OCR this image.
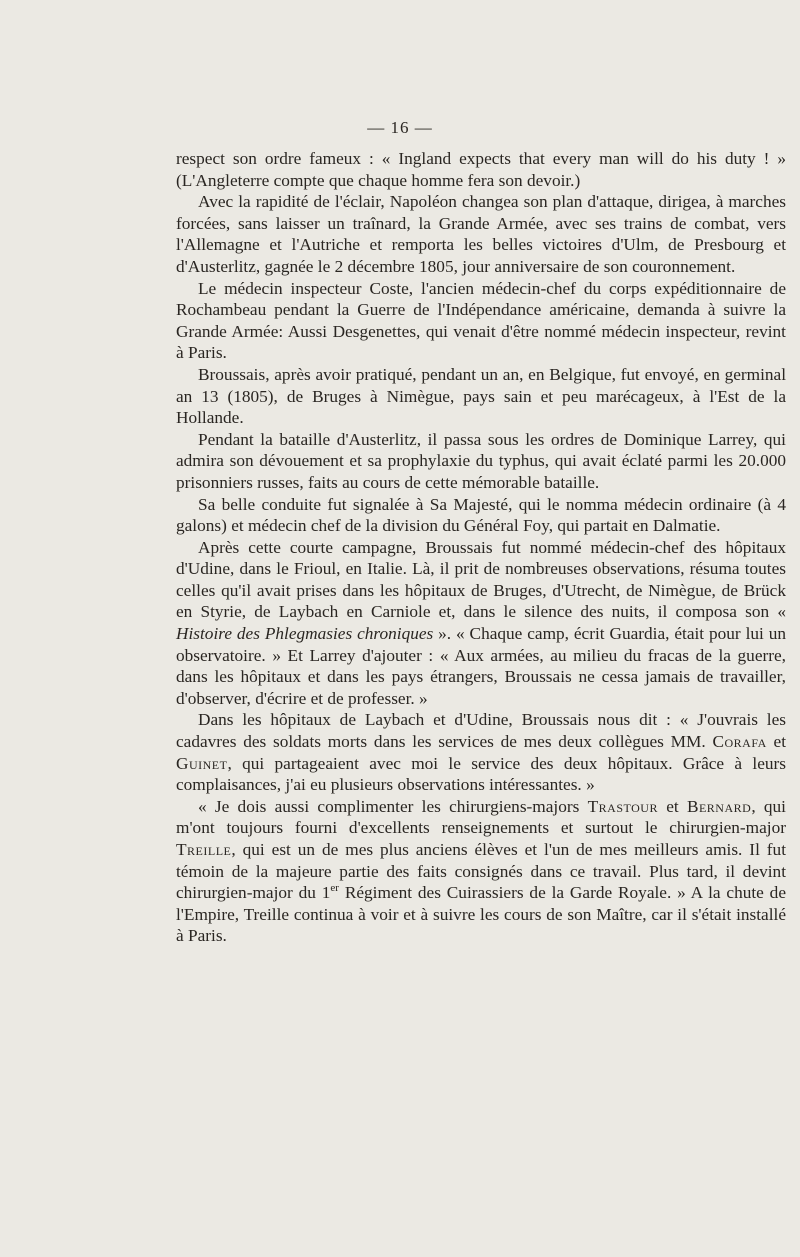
— 16 —

respect son ordre fameux : « Ingland expects that every man will do his duty ! » (L'Angleterre compte que chaque homme fera son devoir.)

Avec la rapidité de l'éclair, Napoléon changea son plan d'attaque, dirigea, à marches forcées, sans laisser un traînard, la Grande Armée, avec ses trains de combat, vers l'Allemagne et l'Autriche et remporta les belles victoires d'Ulm, de Presbourg et d'Austerlitz, gagnée le 2 décembre 1805, jour anniversaire de son couronnement.

Le médecin inspecteur Coste, l'ancien médecin-chef du corps expéditionnaire de Rochambeau pendant la Guerre de l'Indépendance américaine, demanda à suivre la Grande Armée: Aussi Desgenettes, qui venait d'être nommé médecin inspecteur, revint à Paris.

Broussais, après avoir pratiqué, pendant un an, en Belgique, fut envoyé, en germinal an 13 (1805), de Bruges à Nimègue, pays sain et peu marécageux, à l'Est de la Hollande.

Pendant la bataille d'Austerlitz, il passa sous les ordres de Dominique Larrey, qui admira son dévouement et sa prophylaxie du typhus, qui avait éclaté parmi les 20.000 prisonniers russes, faits au cours de cette mémorable bataille.

Sa belle conduite fut signalée à Sa Majesté, qui le nomma médecin ordinaire (à 4 galons) et médecin chef de la division du Général Foy, qui partait en Dalmatie.

Après cette courte campagne, Broussais fut nommé médecin-chef des hôpitaux d'Udine, dans le Frioul, en Italie. Là, il prit de nombreuses observations, résuma toutes celles qu'il avait prises dans les hôpitaux de Bruges, d'Utrecht, de Nimègue, de Brück en Styrie, de Laybach en Carniole et, dans le silence des nuits, il composa son « Histoire des Phlegmasies chroniques ». « Chaque camp, écrit Guardia, était pour lui un observatoire. » Et Larrey d'ajouter : « Aux armées, au milieu du fracas de la guerre, dans les hôpitaux et dans les pays étrangers, Broussais ne cessa jamais de travailler, d'observer, d'écrire et de professer. »

Dans les hôpitaux de Laybach et d'Udine, Broussais nous dit : « J'ouvrais les cadavres des soldats morts dans les services de mes deux collègues MM. Corafa et Guinet, qui partageaient avec moi le service des deux hôpitaux. Grâce à leurs complaisances, j'ai eu plusieurs observations intéressantes. »

« Je dois aussi complimenter les chirurgiens-majors Trastour et Bernard, qui m'ont toujours fourni d'excellents renseignements et surtout le chirurgien-major Treille, qui est un de mes plus anciens élèves et l'un de mes meilleurs amis. Il fut témoin de la majeure partie des faits consignés dans ce travail. Plus tard, il devint chirurgien-major du 1er Régiment des Cuirassiers de la Garde Royale. » A la chute de l'Empire, Treille continua à voir et à suivre les cours de son Maître, car il s'était installé à Paris.
